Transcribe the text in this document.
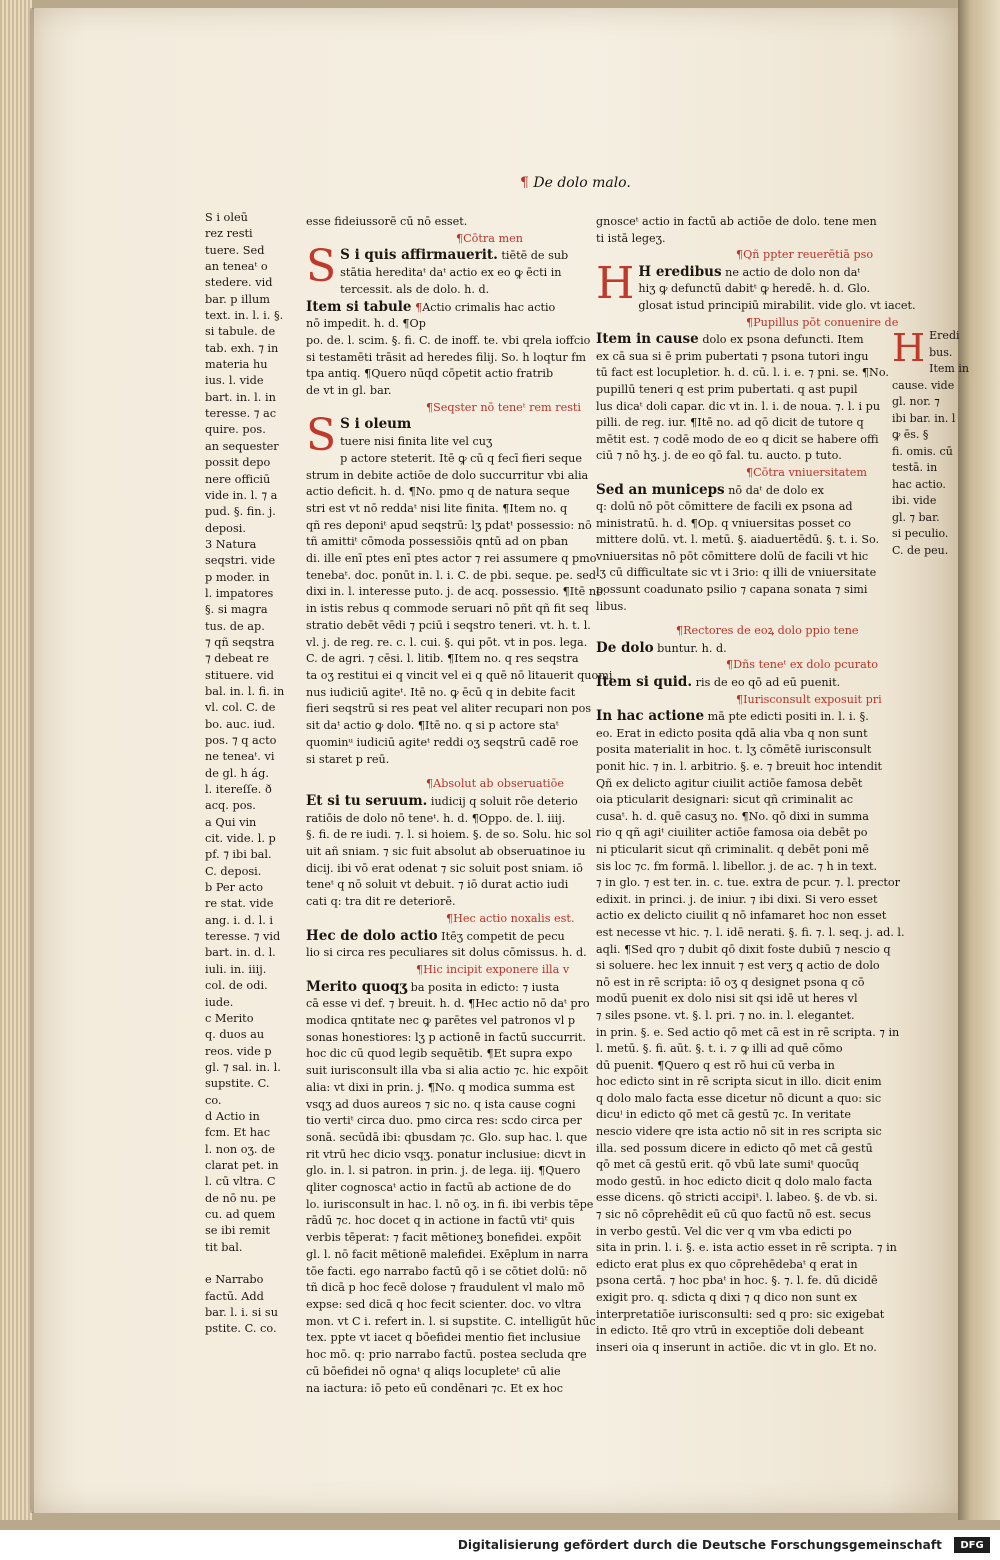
¶ De dolo malo.
S i oleū
rez resti
tuere. Sed
an teneaᵗ o
stedere. vid
bar. p illum
text. in. l. i. §.
si tabule. de
tab. exh. ⁊ in
materia hu
ius. l. vide
bart. in. l. in
teresse. ⁊ ac
quire. pos.
an sequester
possit depo
nere officiū
vide in. l. ⁊ a
pud. §. fin. j.
deposi.
3 Natura
seqstri. vide
p moder. in
l. impatores
§. si magra
tus. de ap.
⁊ qñ seqstra
⁊ debeat re
stituere. vid
bal. in. l. fi. in
vl. col. C. de
bo. auc. iud.
pos. ⁊ q acto
ne teneaᵗ. vi
de gl. h ág.
l. itereſſe. ð
acq. pos.
a Qui vin
cit. vide. l. p
pf. ⁊ ibi bal.
C. deposi.
b Per acto
re stat. vide
ang. i. d. l. i
teresse. ⁊ vid
bart. in. d. l.
iuli. in. iiij.
col. de odi.
iude.
c Merito
q. duos au
reos. vide p
gl. ⁊ sal. in. l.
supstite. C.
co.
d Actio in
fcm. Et hac
l. non oʒ. de
clarat pet. in
l. cū vltra. C
de nō nu. pe
cu. ad quem
se ibi remit
tit bal.

e Narrabo
factū. Add
bar. l. i. si su
pstite. C. co.
esse fideiussorē cū nō esset.
¶Cōtra men
S S i quis affirmauerit. tiētē de sub
stātia hereditaᵗ daᵗ actio ex eo ꝙ ēcti in
tercessit. als de dolo. h. d.
Item si tabule ¶Actio crimalis hac actio
nō impedit. h. d. ¶Op
po. de. l. scim. §. fi. C. de inoff. te. vbi qrela ioffcio
si testamēti trāsit ad heredes filij. So. h loqtur fm
tpa antiq. ¶Quero nūqd cōpetit actio fratrib
de vt in gl. bar.
¶Seqster nō teneᵗ rem resti
S S i oleum
tuere nisi finita lite vel cuʒ
p actore steterit. Itē ꝙ cū q fecī fieri seque
strum in debite actiōe de dolo succurritur vbi alia
actio deficit. h. d. ¶No. pmo q de natura seque
stri est vt nō reddaᵗ nisi lite finita. ¶Item no. q
qñ res deponiᵗ apud seqstrū: lʒ pdatᵗ possessio: nō
tñ amittiᵗ cōmoda possessiōis qntū ad on pban
di. ille enī ptes enī ptes actor ⁊ rei assumere q pmo
tenebaᵗ. doc. ponūt in. l. i. C. de pbi. seque. pe. sed
dixi in. l. interesse puto. j. de acq. possessio. ¶Itē no.
in istis rebus q commode seruari nō pñt qñ fit seq
stratio debēt vēdi ⁊ pciū i seqstro teneri. vt. h. t. l.
vl. j. de reg. re. c. l. cui. §. qui pōt. vt in pos. lega.
C. de agri. ⁊ cēsi. l. litib. ¶Item no. q res seqstra
ta oʒ restitui ei q vincit vel ei q quē nō litauerit quomi
nus iudiciū agiteᵗ. Itē no. ꝙ ēcū q in debite facit
fieri seqstrū si res peat vel aliter recupari non pos
sit daᵗ actio ꝙ dolo. ¶Itē no. q si p actore staᵗ
quominᵘ iudiciū agiteᵗ reddi oʒ seqstrū cadē roe
si staret p reū.
¶Absolut ab obseruatiōe
Et si tu seruum. iudicij q soluit rōe deterio
ratiōis de dolo nō teneᵗ. h. d. ¶Oppo. de. l. iiij.
§. fi. de re iudi. ⁊. l. si hoiem. §. de so. Solu. hic sol
uit añ sniam. ⁊ sic fuit absolut ab obseruatinoe iu
dicij. ibi vō erat odenat ⁊ sic soluit post sniam. iō
teneᵗ q nō soluit vt debuit. ⁊ iō durat actio iudi
cati q: tra dit re deteriorē.
¶Hec actio noxalis est.
Hec de dolo actio Itēʒ competit de pecu
lio si circa res peculiares sit dolus cōmissus. h. d.
¶Hic incipit exponere illa v
Merito quoqʒ ba posita in edicto: ⁊ iusta
cā esse vi def. ⁊ breuit. h. d. ¶Hec actio nō daᵗ pro
modica qntitate nec ꝙ parētes vel patronos vl p
sonas honestiores: lʒ p actionē in factū succurrit.
hoc dic cū quod legib sequētib. ¶Et supra expo
suit iurisconsult illa vba si alia actio ⁊c. hic expōit
alia: vt dixi in prin. j. ¶No. q modica summa est
vsqʒ ad duos aureos ⁊ sic no. q ista cause cogni
tio vertiᵗ circa duo. pmo circa res: scdo circa per
sonā. secūdā ibi: qbusdam ⁊c. Glo. sup hac. l. que
rit vtrū hec dicio vsqʒ. ponatur inclusiue: dicvt in
glo. in. l. si patron. in prin. j. de lega. iij. ¶Quero
qliter cognoscaᵗ actio in factū ab actione de do
lo. iurisconsult in hac. l. nō oʒ. in fi. ibi verbis tēpe
rādū ⁊c. hoc docet q in actione in factū vtiᵗ quis
verbis tēperat: ⁊ facit mētioneʒ bonefidei. expōit
gl. l. nō facit mētionē malefidei. Exēplum in narra
tōe facti. ego narrabo factū qō i se cōtiet dolū: nō
tñ dicā p hoc fecē dolose ⁊ fraudulent vl malo mō
expse: sed dicā q hoc fecit scienter. doc. vo vltra
mon. vt C i. refert in. l. si supstite. C. intelligūt hūc
tex. ppte vt iacet q bōefidei mentio fiet inclusiue
hoc mō. q: prio narrabo factū. postea secluda qre
cū bōefidei nō ognaᵗ q aliqs locupleteᵗ cū alie
na iactura: iō peto eū condēnari ⁊c. Et ex hoc
gnosceᵗ actio in factū ab actiōe de dolo. tene men
ti istā legeʒ.
¶Qñ ppter reuerētiā pso
H H eredibus ne actio de dolo non daᵗ
hiʒ ꝙ defunctū dabitᵗ ꝙ heredē. h. d. Glo.
glosat istud principiū mirabilit. vide glo. vt iacet.
¶Pupillus pōt conuenire de
Item in cause dolo ex psona defuncti. Item
ex cā sua si ē prim pubertati ⁊ psona tutori ingu
tū fact est locupletior. h. d. cū. l. i. e. ⁊ pni. se. ¶No.
pupillū teneri q est prim pubertati. q ast pupil
lus dicaᵗ doli capar. dic vt in. l. i. de noua. ⁊. l. i pu
pilli. de reg. iur. ¶Itē no. ad qō dicit de tutore q
mētit est. ⁊ codē modo de eo q dicit se habere offi
ciū ⁊ nō hʒ. j. de eo qō fal. tu. aucto. p tuto.
¶Cōtra vniuersitatem
Sed an municeps nō daᵗ de dolo ex
q: dolū nō pōt cōmittere de facili ex psona ad
ministratū. h. d. ¶Op. q vniuersitas posset co
mittere dolū. vt. l. metū. §. aiaduertēdū. §. t. i. So.
vniuersitas nō pōt cōmittere dolū de facili vt hic
lʒ cū difficultate sic vt i 3rio: q illi de vniuersitate
possunt coadunato psilio ⁊ capana sonata ⁊ simi
libus.
¶Rectores de eoꝝ dolo ppio tene
De dolo buntur. h. d.
¶Dñs teneᵗ ex dolo pcurato
Item si quid. ris de eo qō ad eū puenit.
¶Iurisconsult exposuit pri
In hac actione mā pte edicti positi in. l. i. §.
eo. Erat in edicto posita qdā alia vba q non sunt
posita materialit in hoc. t. lʒ cōmētē iurisconsult
ponit hic. ⁊ in. l. arbitrio. §. e. ⁊ breuit hoc intendit
Qñ ex delicto agitur ciuilit actiōe famosa debēt
oia pticularit designari: sicut qñ criminalit ac
cusaᵗ. h. d. quē casuʒ no. ¶No. qō dixi in summa
rio q qñ agiᵗ ciuiliter actiōe famosa oia debēt po
ni pticularit sicut qñ criminalit. q debēt poni mē
sis loc ⁊c. fm formā. l. libellor. j. de ac. ⁊ h in text.
⁊ in glo. ⁊ est ter. in. c. tue. extra de pcur. ⁊. l. prector
edixit. in princi. j. de iniur. ⁊ ibi dixi. Si vero esset
actio ex delicto ciuilit q nō infamaret hoc non esset
est necesse vt hic. ⁊. l. idē nerati. §. fi. ⁊. l. seq. j. ad. l.
aqli. ¶Sed qro ⁊ dubit qō dixit foste dubiū ⁊ nescio q
si soluere. hec lex innuit ⁊ est verʒ q actio de dolo
nō est in rē scripta: iō oʒ q designet psona q cō
modū puenit ex dolo nisi sit qsi idē ut heres vl
⁊ siles psone. vt. §. l. pri. ⁊ no. in. l. elegantet.
in prin. §. e. Sed actio qō met cā est in rē scripta. ⁊ in
l. metū. §. fi. aūt. §. t. i. ⁊ ꝙ illi ad quē cōmo
dū puenit. ¶Quero q est rō hui cū verba in
hoc edicto sint in rē scripta sicut in illo. dicit enim
q dolo malo facta esse dicetur nō dicunt a quo: sic
dicuⁱ in edicto qō met cā gestū ⁊c. In veritate
nescio videre qre ista actio nō sit in res scripta sic
illa. sed possum dicere in edicto qō met cā gestū
qō met cā gestū erit. qō vbū late sumiᵗ quocūq
modo gestū. in hoc edicto dicit q dolo malo facta
esse dicens. qō stricti accipiᵗ. l. labeo. §. de vb. si.
⁊ sic nō cōprehēdit eū cū quo factū nō est. secus
in verbo gestū. Vel dic ver q vm vba edicti po
sita in prin. l. i. §. e. ista actio esset in rē scripta. ⁊ in
edicto erat plus ex quo cōprehēdebaᵗ q erat in
psona certā. ⁊ hoc pbaᵗ in hoc. §. ⁊. l. fe. dū dicidē
exigit pro. q. sdicta q dixi ⁊ q dico non sunt ex
interpretatiōe iurisconsulti: sed q pro: sic exigebat
in edicto. Itē qro vtrū in exceptiōe doli debeant
inseri oia q inserunt in actiōe. dic vt in glo. Et no.
H Eredi
bus.
Item in
cause. vide
gl. nor. ⁊
ibi bar. in. l
ꝙ ēs. §
fi. omis. cū
testā. in
hac actio.
ibi. vide
gl. ⁊ bar.
si peculio.
C. de peu.
Digitalisierung gefördert durch die Deutsche Forschungsgemeinschaft	DFG
